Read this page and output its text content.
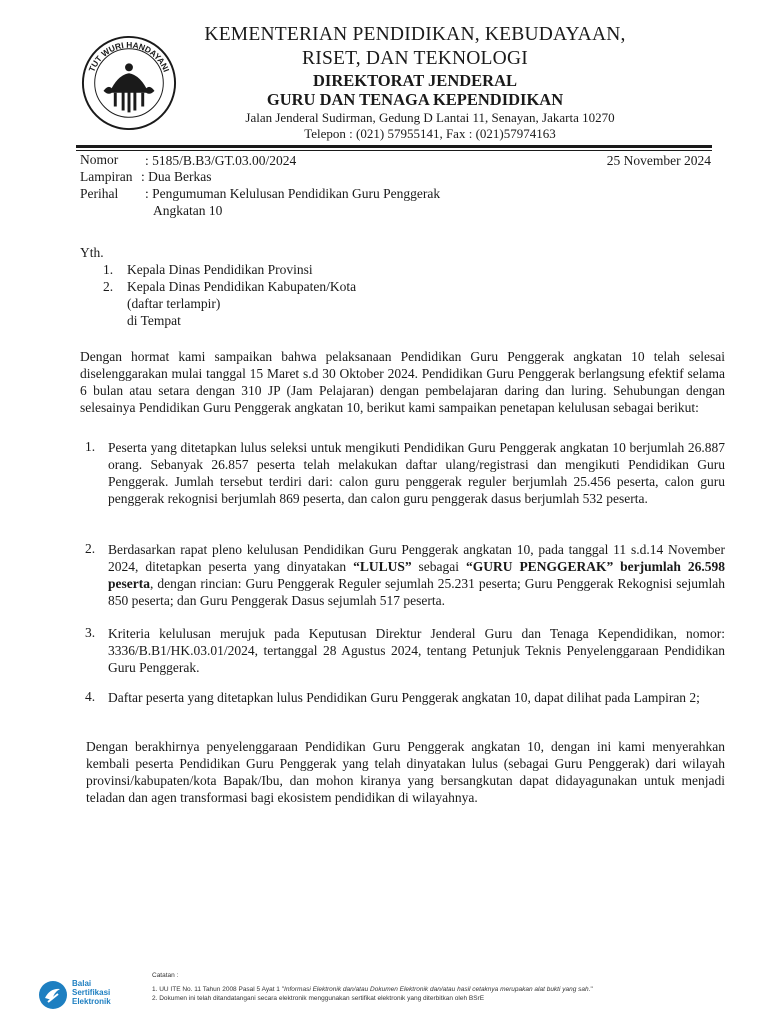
TUT WURI HANDAYANI
KEMENTERIAN PENDIDIKAN, KEBUDAYAAN,
RISET, DAN TEKNOLOGI
DIREKTORAT JENDERAL
GURU DAN TENAGA KEPENDIDIKAN
Jalan Jenderal Sudirman, Gedung D Lantai 11, Senayan, Jakarta 10270
Telepon : (021) 57955141, Fax : (021)57974163
Nomor : 5185/B.B3/GT.03.00/2024	25 November 2024
Lampiran : Dua Berkas
Perihal : Pengumuman Kelulusan Pendidikan Guru Penggerak
Angkatan 10
Yth.
1. Kepala Dinas Pendidikan Provinsi
2. Kepala Dinas Pendidikan Kabupaten/Kota
(daftar terlampir)
di Tempat
Dengan hormat kami sampaikan bahwa pelaksanaan Pendidikan Guru Penggerak angkatan 10 telah selesai diselenggarakan mulai tanggal 15 Maret s.d 30 Oktober 2024. Pendidikan Guru Penggerak berlangsung efektif selama 6 bulan atau setara dengan 310 JP (Jam Pelajaran) dengan pembelajaran daring dan luring. Sehubungan dengan selesainya Pendidikan Guru Penggerak angkatan 10, berikut kami sampaikan penetapan kelulusan sebagai berikut:
1. Peserta yang ditetapkan lulus seleksi untuk mengikuti Pendidikan Guru Penggerak angkatan 10 berjumlah 26.887 orang. Sebanyak 26.857 peserta telah melakukan daftar ulang/registrasi dan mengikuti Pendidikan Guru Penggerak. Jumlah tersebut terdiri dari: calon guru penggerak reguler berjumlah 25.456 peserta, calon guru penggerak rekognisi berjumlah 869 peserta, dan calon guru penggerak dasus berjumlah 532 peserta.
2. Berdasarkan rapat pleno kelulusan Pendidikan Guru Penggerak angkatan 10, pada tanggal 11 s.d.14 November 2024, ditetapkan peserta yang dinyatakan “LULUS” sebagai “GURU PENGGERAK” berjumlah 26.598 peserta, dengan rincian: Guru Penggerak Reguler sejumlah 25.231 peserta; Guru Penggerak Rekognisi sejumlah 850 peserta; dan Guru Penggerak Dasus sejumlah 517 peserta.
3. Kriteria kelulusan merujuk pada Keputusan Direktur Jenderal Guru dan Tenaga Kependidikan, nomor: 3336/B.B1/HK.03.01/2024, tertanggal 28 Agustus 2024, tentang Petunjuk Teknis Penyelenggaraan Pendidikan Guru Penggerak.
4. Daftar peserta yang ditetapkan lulus Pendidikan Guru Penggerak angkatan 10, dapat dilihat pada Lampiran 2;
Dengan berakhirnya penyelenggaraan Pendidikan Guru Penggerak angkatan 10, dengan ini kami menyerahkan kembali peserta Pendidikan Guru Penggerak yang telah dinyatakan lulus (sebagai Guru Penggerak) dari wilayah provinsi/kabupaten/kota Bapak/Ibu, dan mohon kiranya yang bersangkutan dapat didayagunakan untuk menjadi teladan dan agen transformasi bagi ekosistem pendidikan di wilayahnya.
Balai
Sertifikasi
Elektronik
Catatan :
1. UU ITE No. 11 Tahun 2008 Pasal 5 Ayat 1 "Informasi Elektronik dan/atau Dokumen Elektronik dan/atau hasil cetaknya merupakan alat bukti yang sah."
2. Dokumen ini telah ditandatangani secara elektronik menggunakan sertifikat elektronik yang diterbitkan oleh BSrE
